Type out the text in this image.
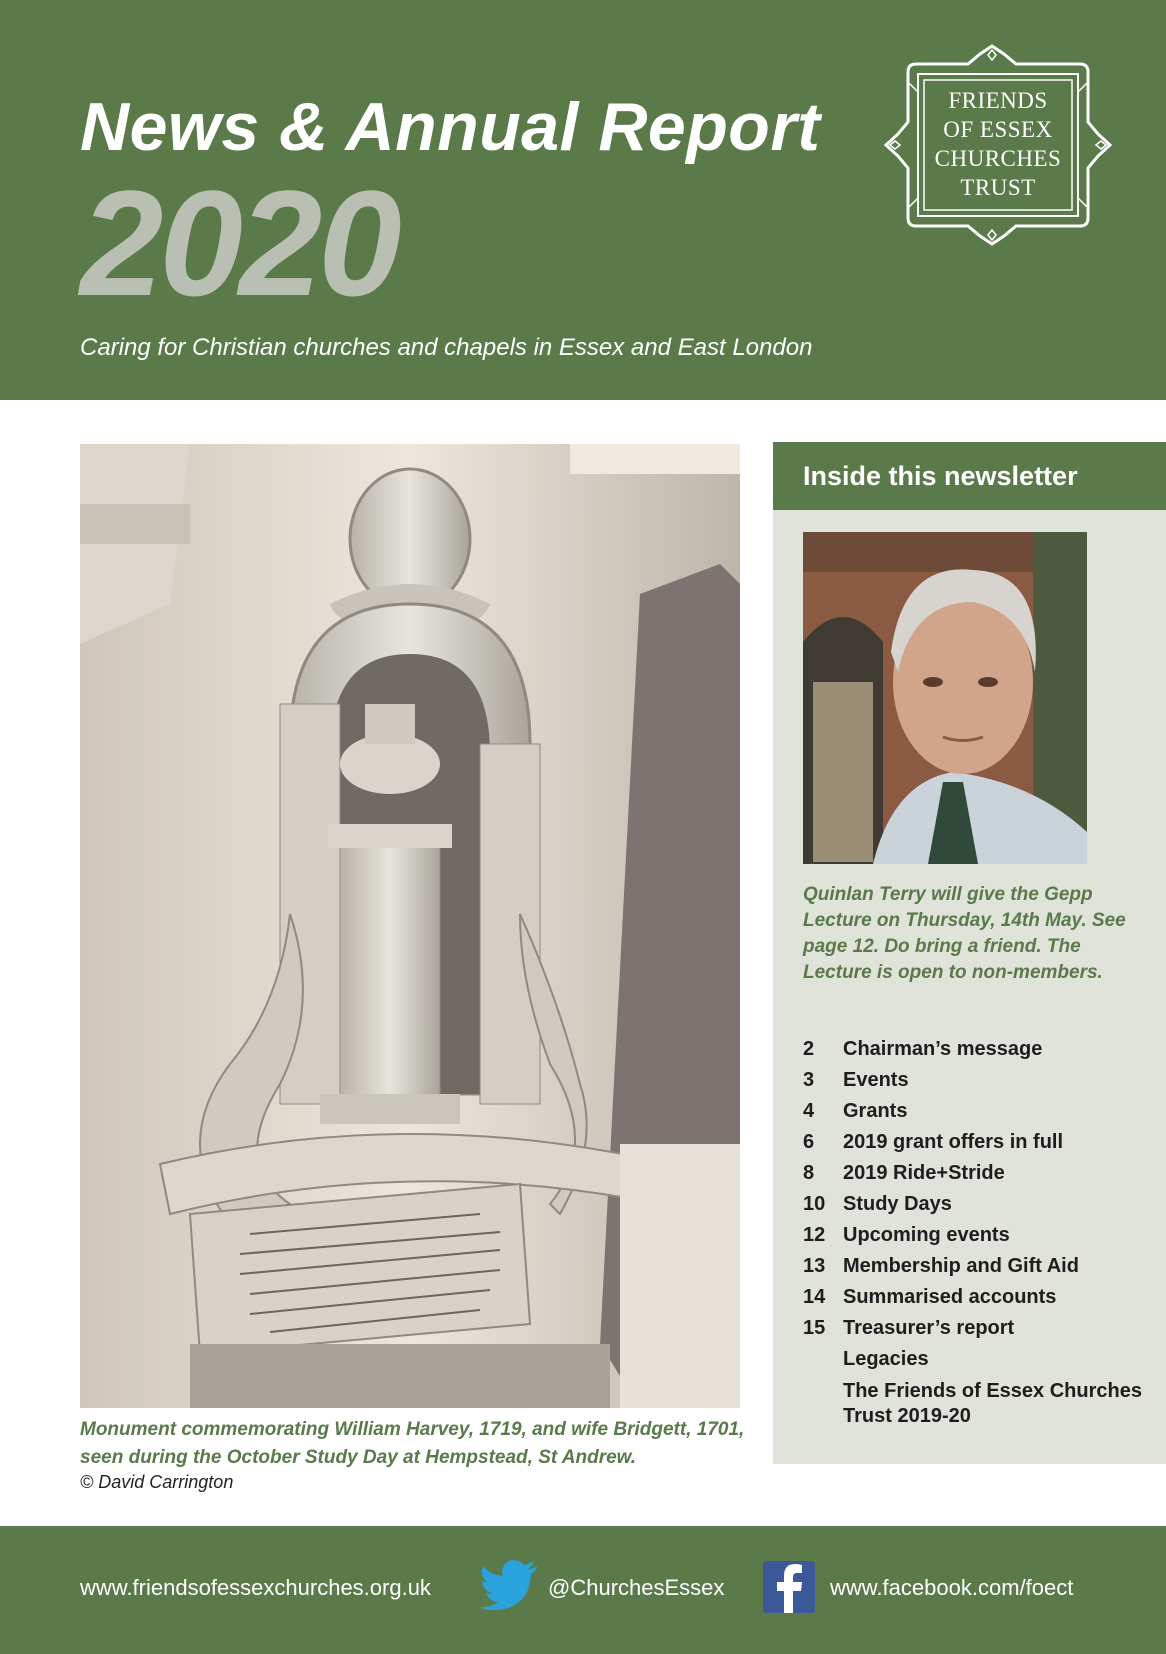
News & Annual Report
2020
Caring for Christian churches and chapels in Essex and East London
FRIENDS
OF ESSEX
CHURCHES
TRUST
Monument commemorating William Harvey, 1719, and wife Bridgett, 1701, seen during the October Study Day at Hempstead, St Andrew.
© David Carrington
Inside this newsletter
Quinlan Terry will give the Gepp Lecture on Thursday, 14th May. See page 12. Do bring a friend. The Lecture is open to non-members.
2	Chairman’s message
3	Events
4	Grants
6	2019 grant offers in full
8	2019 Ride+Stride
10 Study Days
12 Upcoming events
13 Membership and Gift Aid
14 Summarised accounts
15 Treasurer’s report
Legacies
The Friends of Essex Churches Trust 2019-20
www.friendsofessexchurches.org.uk	@ChurchesEssex	www.facebook.com/foect
